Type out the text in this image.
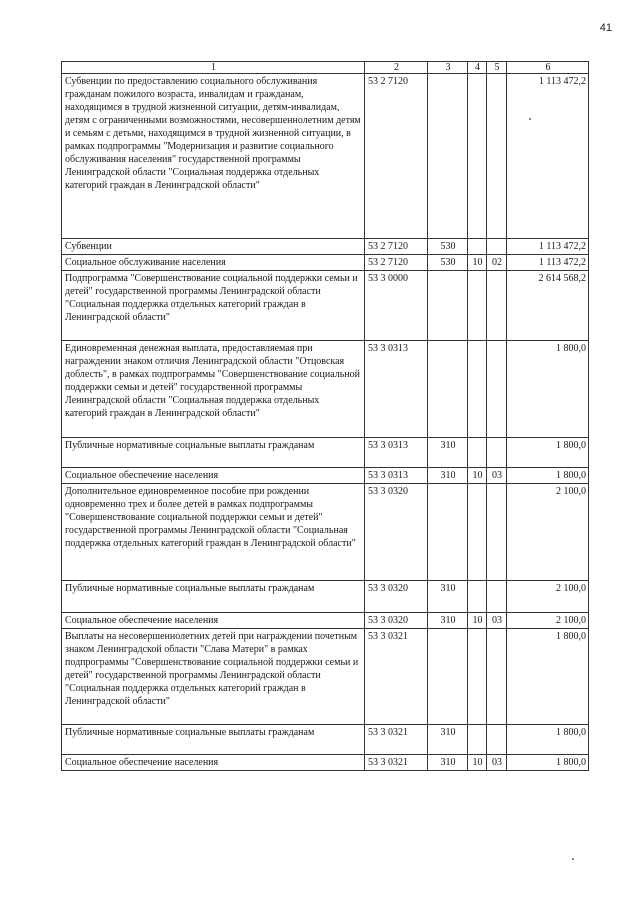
41
1	2	3	4	5	6
Субвенции по предоставлению социального обслуживания гражданам пожилого возраста, инвалидам и гражданам, находящимся в трудной жизненной ситуации, детям-инвалидам, детям с ограниченными возможностями, несовершеннолетним детям и семьям с детьми, находящимся в трудной жизненной ситуации, в рамках подпрограммы "Модернизация и развитие социального обслуживания населения" государственной программы Ленинградской области "Социальная поддержка отдельных категорий граждан в Ленинградской области"	53 2 7120				1 113 472,2
Субвенции	53 2 7120	530			1 113 472,2
Социальное обслуживание населения	53 2 7120	530	10	02	1 113 472,2
Подпрограмма "Совершенствование социальной поддержки семьи и детей" государственной программы Ленинградской области "Социальная поддержка отдельных категорий граждан в Ленинградской области"	53 3 0000				2 614 568,2
Единовременная денежная выплата, предоставляемая при награждении знаком отличия Ленинградской области "Отцовская доблесть", в рамках подпрограммы "Совершенствование социальной поддержки семьи и детей" государственной программы Ленинградской области "Социальная поддержка отдельных категорий граждан в Ленинградской области"	53 3 0313				1 800,0
Публичные нормативные социальные выплаты гражданам	53 3 0313	310			1 800,0
Социальное обеспечение населения	53 3 0313	310	10	03	1 800,0
Дополнительное единовременное пособие при рождении одновременно трех и более детей в рамках подпрограммы "Совершенствование социальной поддержки семьи и детей" государственной программы Ленинградской области "Социальная поддержка отдельных категорий граждан в Ленинградской области"	53 3 0320				2 100,0
Публичные нормативные социальные выплаты гражданам	53 3 0320	310			2 100,0
Социальное обеспечение населения	53 3 0320	310	10	03	2 100,0
Выплаты на несовершеннолетних детей при награждении почетным знаком Ленинградской области "Слава Матери" в рамках подпрограммы "Совершенствование социальной поддержки семьи и детей" государственной программы Ленинградской области "Социальная поддержка отдельных категорий граждан в Ленинградской области"	53 3 0321				1 800,0
Публичные нормативные социальные выплаты гражданам	53 3 0321	310			1 800,0
Социальное обеспечение населения	53 3 0321	310	10	03	1 800,0
